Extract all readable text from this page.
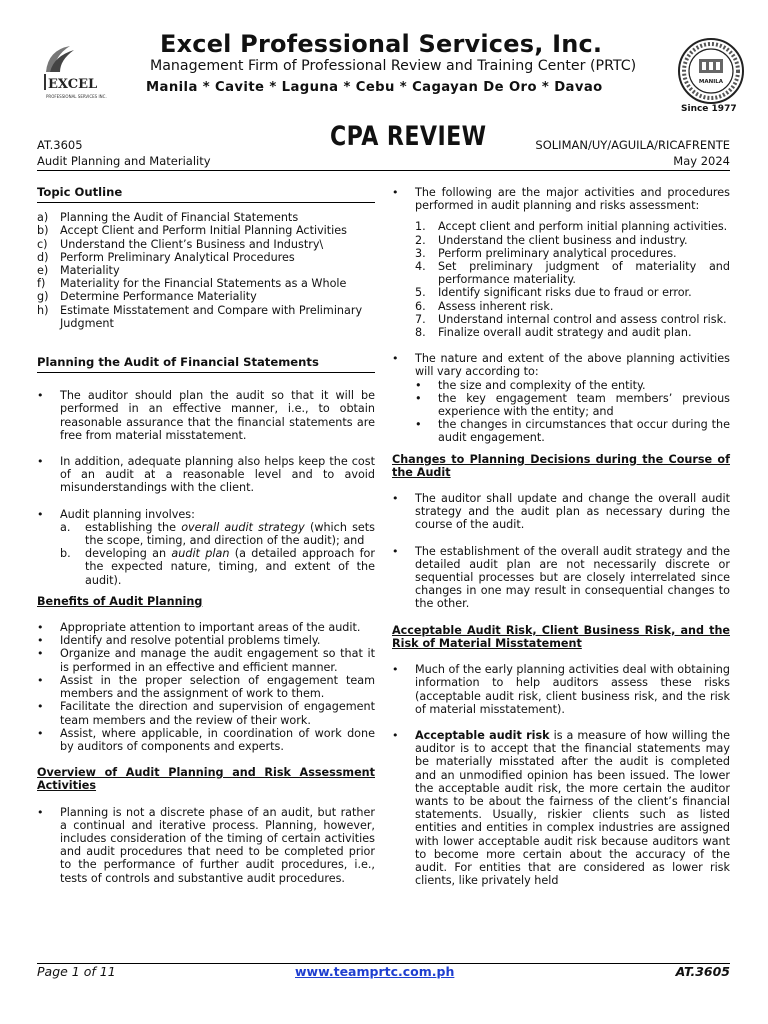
EXCEL
PROFESSIONAL SERVICES INC.
Excel Professional Services, Inc.
Management Firm of Professional Review and Training Center (PRTC)
Manila * Cavite * Laguna * Cebu * Cagayan De Oro * Davao	MANILA
Since 1977
AT.3605
Audit Planning and Materiality
CPA REVIEW	SOLIMAN/UY/AGUILA/RICAFRENTE
May 2024
Topic Outline
a)	Planning the Audit of Financial Statements
b)	Accept Client and Perform Initial Planning Activities
c)	Understand the Client’s Business and Industry\
d)	Perform Preliminary Analytical Procedures
e)	Materiality
f)	Materiality for the Financial Statements as a Whole
g)	Determine Performance Materiality
h)	Estimate Misstatement and Compare with Preliminary Judgment
Planning the Audit of Financial Statements
•	The auditor should plan the audit so that it will be performed in an effective manner, i.e., to obtain reasonable assurance that the financial statements are free from material misstatement.
•	In addition, adequate planning also helps keep the cost of an audit at a reasonable level and to avoid misunderstandings with the client.
•	Audit planning involves:
a.	establishing the overall audit strategy (which sets the scope, timing, and direction of the audit); and
b.	developing an audit plan (a detailed approach for the expected nature, timing, and extent of the audit).
Benefits of Audit Planning
•	Appropriate attention to important areas of the audit.
•	Identify and resolve potential problems timely.
•	Organize and manage the audit engagement so that it is performed in an effective and efficient manner.
•	Assist in the proper selection of engagement team members and the assignment of work to them.
•	Facilitate the direction and supervision of engagement team members and the review of their work.
•	Assist, where applicable, in coordination of work done by auditors of components and experts.
Overview of Audit Planning and Risk Assessment Activities
•	Planning is not a discrete phase of an audit, but rather a continual and iterative process. Planning, however, includes consideration of the timing of certain activities and audit procedures that need to be completed prior to the performance of further audit procedures, i.e., tests of controls and substantive audit procedures.
•	The following are the major activities and procedures performed in audit planning and risks assessment:
1.	Accept client and perform initial planning activities.
2.	Understand the client business and industry.
3.	Perform preliminary analytical procedures.
4.	Set preliminary judgment of materiality and performance materiality.
5.	Identify significant risks due to fraud or error.
6.	Assess inherent risk.
7.	Understand internal control and assess control risk.
8.	Finalize overall audit strategy and audit plan.
•	The nature and extent of the above planning activities will vary according to:
•	the size and complexity of the entity.
•	the key engagement team members’ previous experience with the entity; and
•	the changes in circumstances that occur during the audit engagement.
Changes to Planning Decisions during the Course of the Audit
•	The auditor shall update and change the overall audit strategy and the audit plan as necessary during the course of the audit.
•	The establishment of the overall audit strategy and the detailed audit plan are not necessarily discrete or sequential processes but are closely interrelated since changes in one may result in consequential changes to the other.
Acceptable Audit Risk, Client Business Risk, and the Risk of Material Misstatement
•	Much of the early planning activities deal with obtaining information to help auditors assess these risks (acceptable audit risk, client business risk, and the risk of material misstatement).
•	Acceptable audit risk is a measure of how willing the auditor is to accept that the financial statements may be materially misstated after the audit is completed and an unmodified opinion has been issued. The lower the acceptable audit risk, the more certain the auditor wants to be about the fairness of the client’s financial statements. Usually, riskier clients such as listed entities and entities in complex industries are assigned with lower acceptable audit risk because auditors want to become more certain about the accuracy of the audit. For entities that are considered as lower risk clients, like privately held
Page 1 of 11	www.teamprtc.com.ph	AT.3605
